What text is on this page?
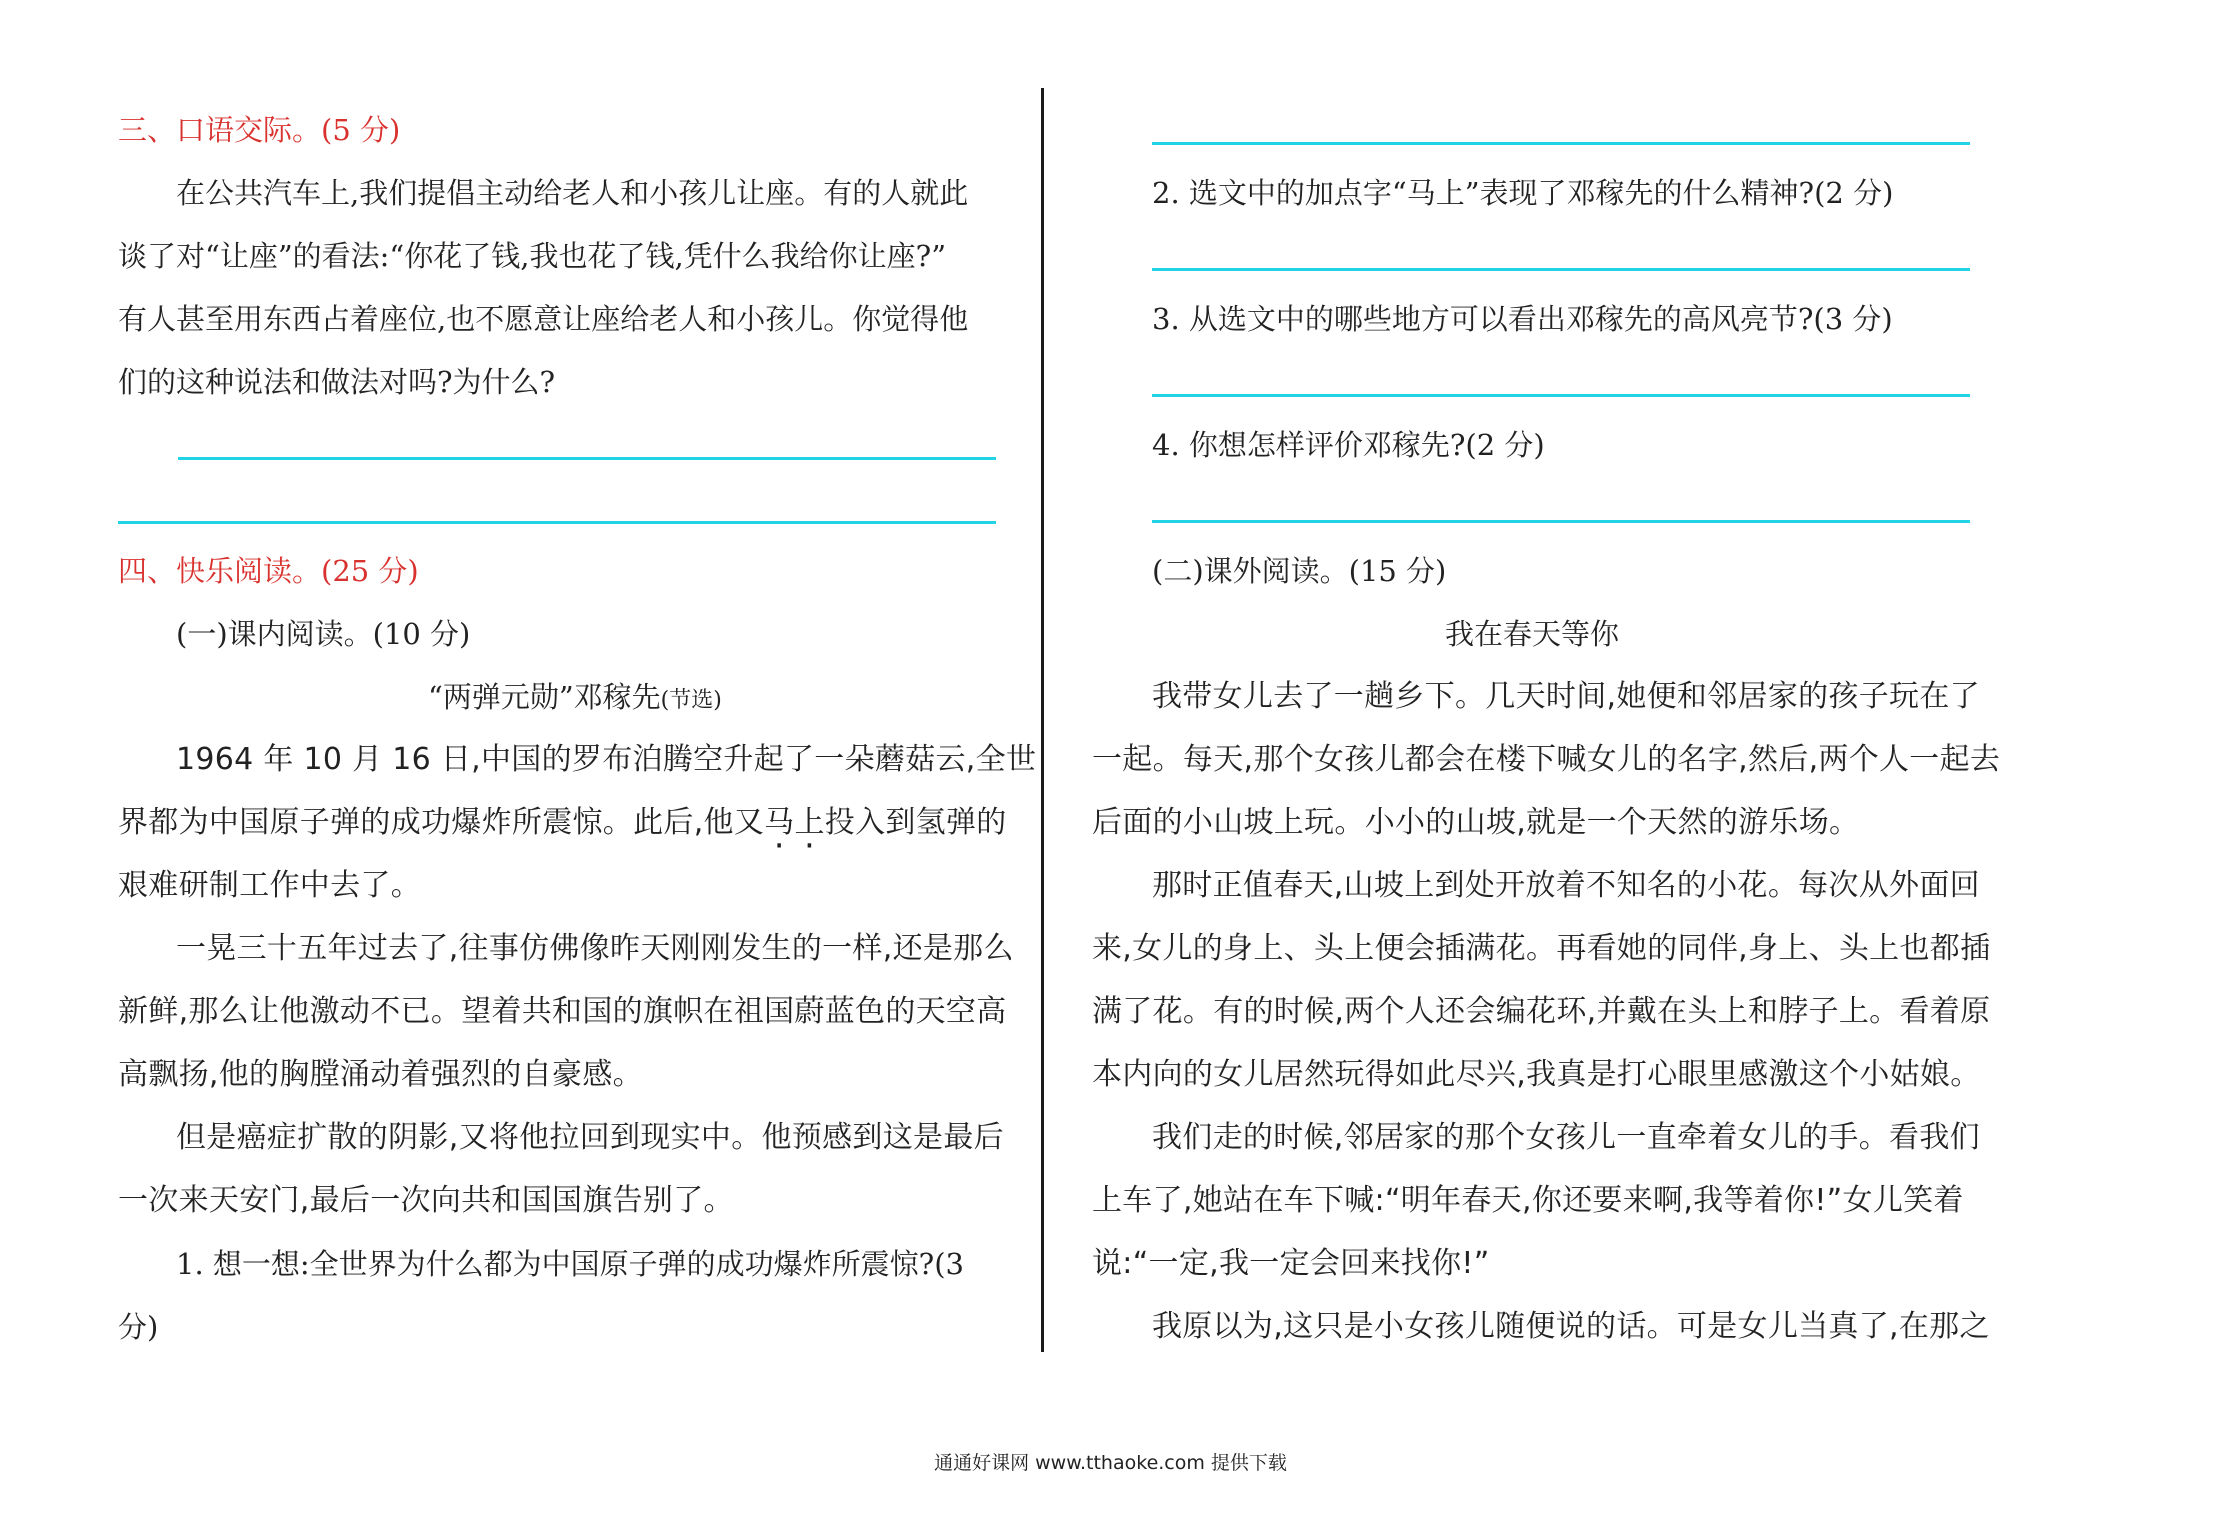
三、口语交际。(5 分)
在公共汽车上,我们提倡主动给老人和小孩儿让座。有的人就此
谈了对“让座”的看法:“你花了钱,我也花了钱,凭什么我给你让座?”
有人甚至用东西占着座位,也不愿意让座给老人和小孩儿。你觉得他
们的这种说法和做法对吗?为什么?
四、快乐阅读。(25 分)
(一)课内阅读。(10 分)
“两弹元勋”邓稼先(节选)
1964 年 10 月 16 日,中国的罗布泊腾空升起了一朵蘑菇云,全世
界都为中国原子弹的成功爆炸所震惊。此后,他又马上投入到氢弹的
艰难研制工作中去了。
一晃三十五年过去了,往事仿佛像昨天刚刚发生的一样,还是那么
新鲜,那么让他激动不已。望着共和国的旗帜在祖国蔚蓝色的天空高
高飘扬,他的胸膛涌动着强烈的自豪感。
但是癌症扩散的阴影,又将他拉回到现实中。他预感到这是最后
一次来天安门,最后一次向共和国国旗告别了。
1. 想一想:全世界为什么都为中国原子弹的成功爆炸所震惊?(3
分)
2. 选文中的加点字“马上”表现了邓稼先的什么精神?(2 分)
3. 从选文中的哪些地方可以看出邓稼先的高风亮节?(3 分)
4. 你想怎样评价邓稼先?(2 分)
(二)课外阅读。(15 分)
我在春天等你
我带女儿去了一趟乡下。几天时间,她便和邻居家的孩子玩在了
一起。每天,那个女孩儿都会在楼下喊女儿的名字,然后,两个人一起去
后面的小山坡上玩。小小的山坡,就是一个天然的游乐场。
那时正值春天,山坡上到处开放着不知名的小花。每次从外面回
来,女儿的身上、头上便会插满花。再看她的同伴,身上、头上也都插
满了花。有的时候,两个人还会编花环,并戴在头上和脖子上。看着原
本内向的女儿居然玩得如此尽兴,我真是打心眼里感激这个小姑娘。
我们走的时候,邻居家的那个女孩儿一直牵着女儿的手。看我们
上车了,她站在车下喊:“明年春天,你还要来啊,我等着你!”女儿笑着
说:“一定,我一定会回来找你!”
我原以为,这只是小女孩儿随便说的话。可是女儿当真了,在那之
通通好课网 www.tthaoke.com 提供下载
